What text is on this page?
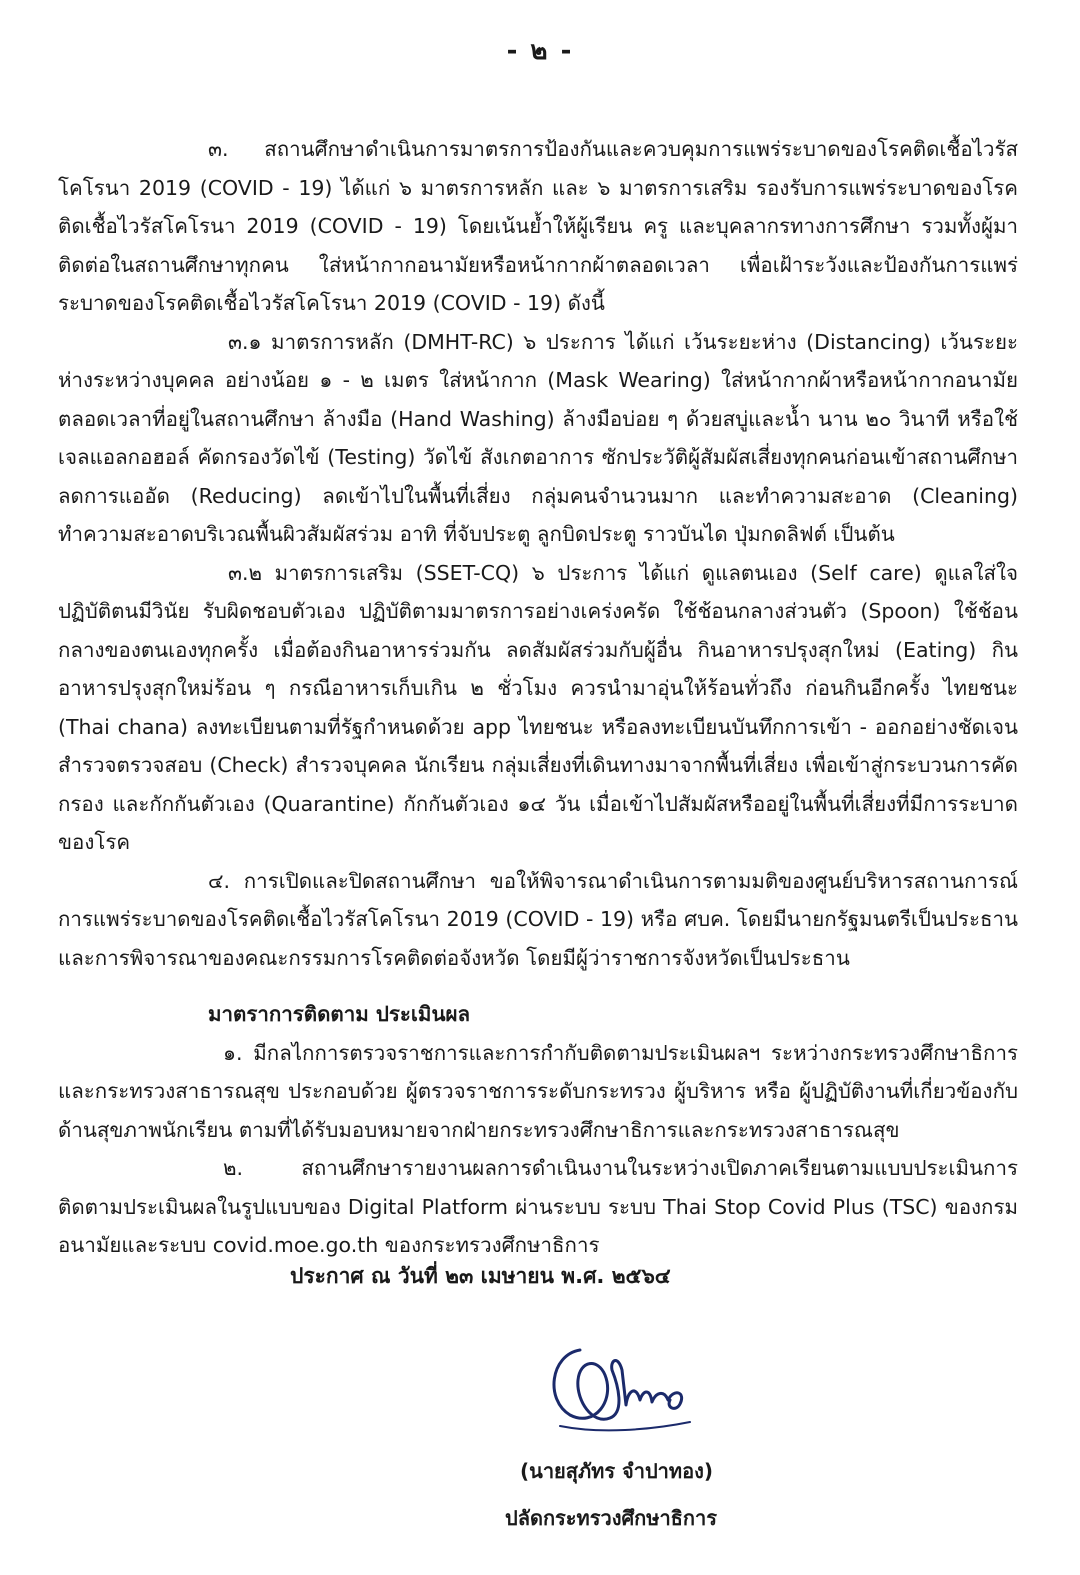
- ๒ -

๓. สถานศึกษาดำเนินการมาตรการป้องกันและควบคุมการแพร่ระบาดของโรคติดเชื้อไวรัสโคโรนา 2019 (COVID - 19) ได้แก่ ๖ มาตรการหลัก และ ๖ มาตรการเสริม รองรับการแพร่ระบาดของโรคติดเชื้อไวรัสโคโรนา 2019 (COVID - 19) โดยเน้นย้ำให้ผู้เรียน ครู และบุคลากรทางการศึกษา รวมทั้งผู้มาติดต่อในสถานศึกษาทุกคน ใส่หน้ากากอนามัยหรือหน้ากากผ้าตลอดเวลา เพื่อเฝ้าระวังและป้องกันการแพร่ระบาดของโรคติดเชื้อไวรัสโคโรนา 2019 (COVID - 19) ดังนี้

๓.๑ มาตรการหลัก (DMHT-RC) ๖ ประการ ได้แก่ เว้นระยะห่าง (Distancing) เว้นระยะห่างระหว่างบุคคล อย่างน้อย ๑ - ๒ เมตร ใส่หน้ากาก (Mask Wearing) ใส่หน้ากากผ้าหรือหน้ากากอนามัยตลอดเวลาที่อยู่ในสถานศึกษา ล้างมือ (Hand Washing) ล้างมือบ่อย ๆ ด้วยสบู่และน้ำ นาน ๒๐ วินาที หรือใช้เจลแอลกอฮอล์ คัดกรองวัดไข้ (Testing) วัดไข้ สังเกตอาการ ซักประวัติผู้สัมผัสเสี่ยงทุกคนก่อนเข้าสถานศึกษา ลดการแออัด (Reducing) ลดเข้าไปในพื้นที่เสี่ยง กลุ่มคนจำนวนมาก และทำความสะอาด (Cleaning) ทำความสะอาดบริเวณพื้นผิวสัมผัสร่วม อาทิ ที่จับประตู ลูกบิดประตู ราวบันได ปุ่มกดลิฟต์ เป็นต้น

๓.๒ มาตรการเสริม (SSET-CQ) ๖ ประการ ได้แก่ ดูแลตนเอง (Self care) ดูแลใส่ใจ ปฏิบัติตนมีวินัย รับผิดชอบตัวเอง ปฏิบัติตามมาตรการอย่างเคร่งครัด ใช้ช้อนกลางส่วนตัว (Spoon) ใช้ช้อนกลางของตนเองทุกครั้ง เมื่อต้องกินอาหารร่วมกัน ลดสัมผัสร่วมกับผู้อื่น กินอาหารปรุงสุกใหม่ (Eating) กินอาหารปรุงสุกใหม่ร้อน ๆ กรณีอาหารเก็บเกิน ๒ ชั่วโมง ควรนำมาอุ่นให้ร้อนทั่วถึง ก่อนกินอีกครั้ง ไทยชนะ (Thai chana) ลงทะเบียนตามที่รัฐกำหนดด้วย app ไทยชนะ หรือลงทะเบียนบันทึกการเข้า - ออกอย่างชัดเจน สำรวจตรวจสอบ (Check) สำรวจบุคคล นักเรียน กลุ่มเสี่ยงที่เดินทางมาจากพื้นที่เสี่ยง เพื่อเข้าสู่กระบวนการคัดกรอง และกักกันตัวเอง (Quarantine) กักกันตัวเอง ๑๔ วัน เมื่อเข้าไปสัมผัสหรืออยู่ในพื้นที่เสี่ยงที่มีการระบาดของโรค

๔. การเปิดและปิดสถานศึกษา ขอให้พิจารณาดำเนินการตามมติของศูนย์บริหารสถานการณ์การแพร่ระบาดของโรคติดเชื้อไวรัสโคโรนา 2019 (COVID - 19) หรือ ศบค. โดยมีนายกรัฐมนตรีเป็นประธานและการพิจารณาของคณะกรรมการโรคติดต่อจังหวัด โดยมีผู้ว่าราชการจังหวัดเป็นประธาน

มาตราการติดตาม ประเมินผล

๑. มีกลไกการตรวจราชการและการกำกับติดตามประเมินผลฯ ระหว่างกระทรวงศึกษาธิการและกระทรวงสาธารณสุข ประกอบด้วย ผู้ตรวจราชการระดับกระทรวง ผู้บริหาร หรือ ผู้ปฏิบัติงานที่เกี่ยวข้องกับด้านสุขภาพนักเรียน ตามที่ได้รับมอบหมายจากฝ่ายกระทรวงศึกษาธิการและกระทรวงสาธารณสุข

๒. สถานศึกษารายงานผลการดำเนินงานในระหว่างเปิดภาคเรียนตามแบบประเมินการติดตามประเมินผลในรูปแบบของ Digital Platform ผ่านระบบ ระบบ Thai Stop Covid Plus (TSC) ของกรมอนามัยและระบบ covid.moe.go.th ของกระทรวงศึกษาธิการ

ประกาศ ณ วันที่ ๒๓ เมษายน พ.ศ. ๒๕๖๔
(นายสุภัทร จำปาทอง)
ปลัดกระทรวงศึกษาธิการ
